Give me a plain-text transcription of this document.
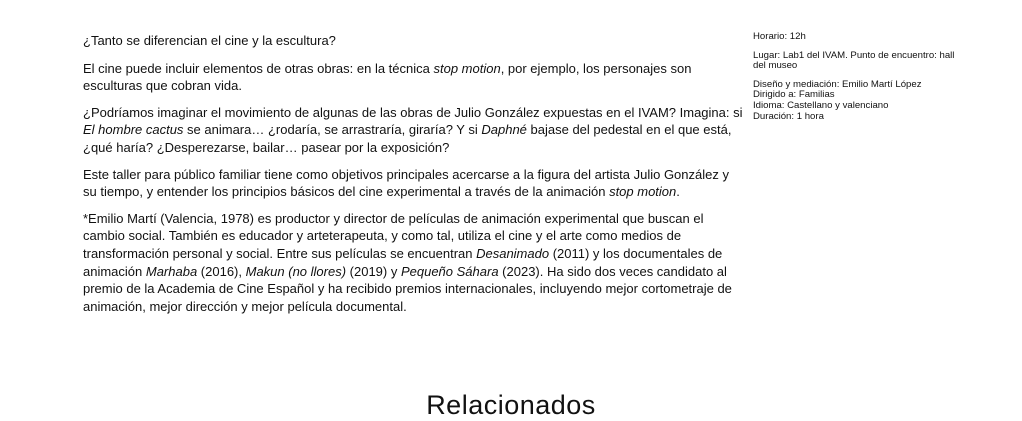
¿Tanto se diferencian el cine y la escultura?

El cine puede incluir elementos de otras obras: en la técnica stop motion, por ejemplo, los personajes son esculturas que cobran vida.

¿Podríamos imaginar el movimiento de algunas de las obras de Julio González expuestas en el IVAM? Imagina: si El hombre cactus se animara… ¿rodaría, se arrastraría, giraría? Y si Daphné bajase del pedestal en el que está, ¿qué haría? ¿Desperezarse, bailar… pasear por la exposición?

Este taller para público familiar tiene como objetivos principales acercarse a la figura del artista Julio González y su tiempo, y entender los principios básicos del cine experimental a través de la animación stop motion.

*Emilio Martí (Valencia, 1978) es productor y director de películas de animación experimental que buscan el cambio social. También es educador y arteterapeuta, y como tal, utiliza el cine y el arte como medios de transformación personal y social. Entre sus películas se encuentran Desanimado (2011) y los documentales de animación Marhaba (2016), Makun (no llores) (2019) y Pequeño Sáhara (2023). Ha sido dos veces candidato al premio de la Academia de Cine Español y ha recibido premios internacionales, incluyendo mejor cortometraje de animación, mejor dirección y mejor película documental.

Horario: 12h
Lugar: Lab1 del IVAM. Punto de encuentro: hall del museo
Diseño y mediación: Emilio Martí López
Dirigido a: Familias
Idioma: Castellano y valenciano
Duración: 1 hora
Relacionados
